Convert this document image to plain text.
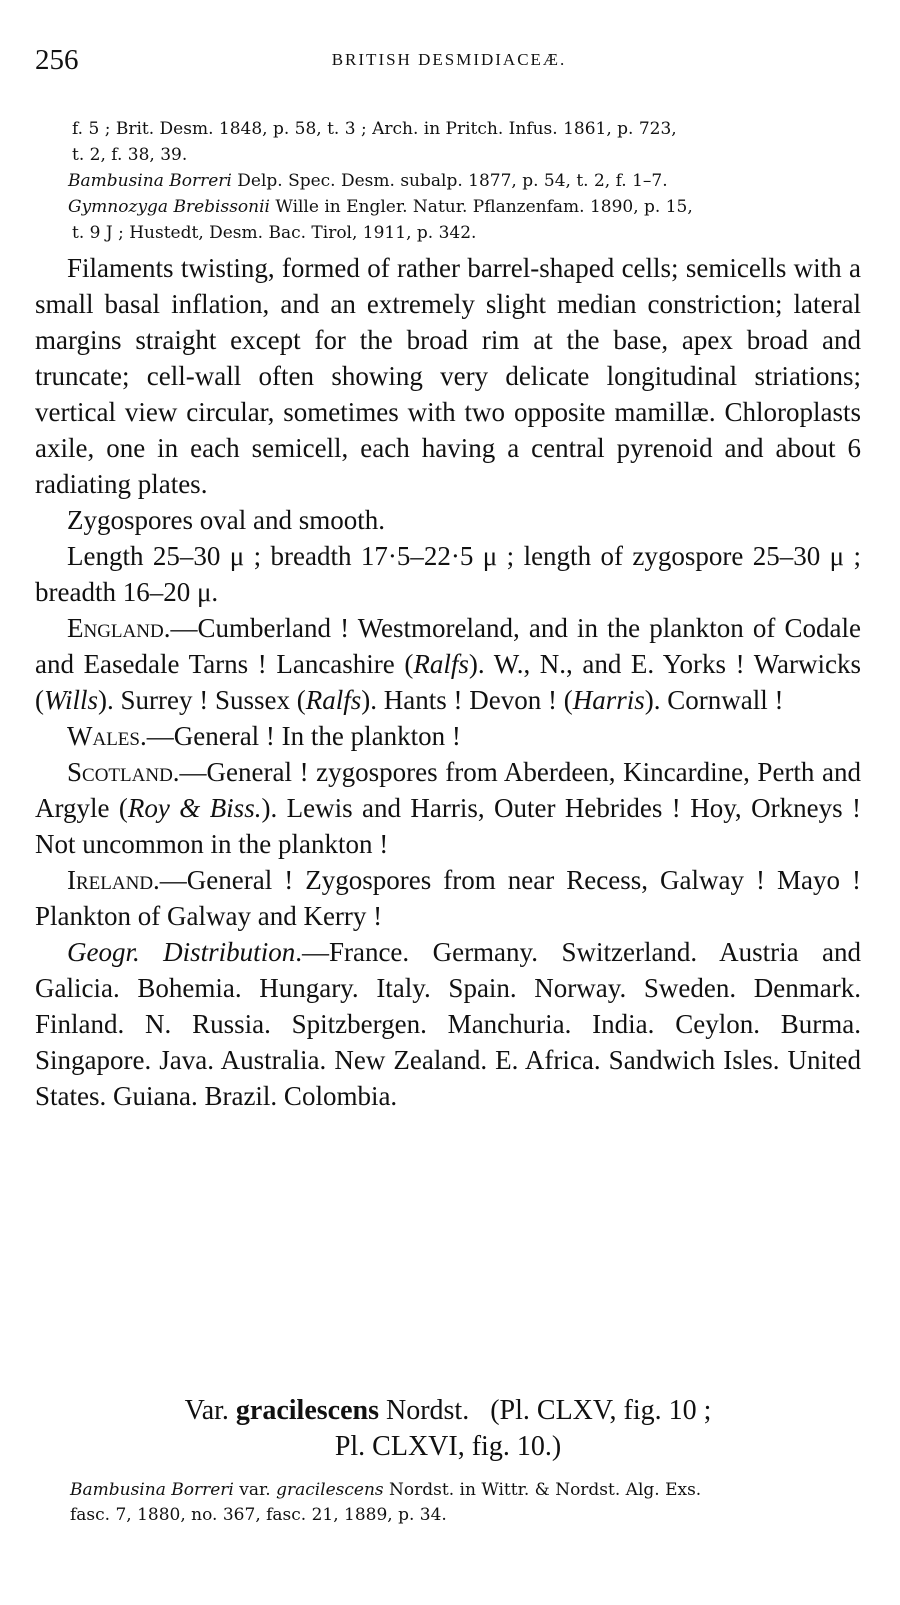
256	BRITISH DESMIDIACEÆ.

f. 5 ; Brit. Desm. 1848, p. 58, t. 3 ; Arch. in Pritch. Infus. 1861, p. 723,

t. 2, f. 38, 39.

Bambusina Borreri Delp. Spec. Desm. subalp. 1877, p. 54, t. 2, f. 1–7.

Gymnozyga Brebissonii Wille in Engler. Natur. Pflanzenfam. 1890, p. 15,

t. 9 J ; Hustedt, Desm. Bac. Tirol, 1911, p. 342.

Filaments twisting, formed of rather barrel-shaped cells; semicells with a small basal inflation, and an extremely slight median constriction; lateral margins straight except for the broad rim at the base, apex broad and truncate; cell-wall often showing very delicate longitudinal striations; vertical view circular, sometimes with two opposite mamillæ. Chloroplasts axile, one in each semicell, each having a central pyrenoid and about 6 radiating plates.

Zygospores oval and smooth.

Length 25–30 μ ; breadth 17·5–22·5 μ ; length of zygospore 25–30 μ ; breadth 16–20 μ.

England.—Cumberland ! Westmoreland, and in the plankton of Codale and Easedale Tarns ! Lancashire (Ralfs). W., N., and E. Yorks ! Warwicks (Wills). Surrey ! Sussex (Ralfs). Hants ! Devon ! (Harris). Cornwall !

Wales.—General ! In the plankton !

Scotland.—General ! zygospores from Aberdeen, Kincardine, Perth and Argyle (Roy & Biss.). Lewis and Harris, Outer Hebrides ! Hoy, Orkneys ! Not uncommon in the plankton !

Ireland.—General ! Zygospores from near Recess, Galway ! Mayo ! Plankton of Galway and Kerry !

Geogr. Distribution.—France. Germany. Switzerland. Austria and Galicia. Bohemia. Hungary. Italy. Spain. Norway. Sweden. Denmark. Finland. N. Russia. Spitzbergen. Manchuria. India. Ceylon. Burma. Singapore. Java. Australia. New Zealand. E. Africa. Sandwich Isles. United States. Guiana. Brazil. Colombia.

Var. gracilescens Nordst. (Pl. CLXV, fig. 10 ;
Pl. CLXVI, fig. 10.)

Bambusina Borreri var. gracilescens Nordst. in Wittr. & Nordst. Alg. Exs.

fasc. 7, 1880, no. 367, fasc. 21, 1889, p. 34.
